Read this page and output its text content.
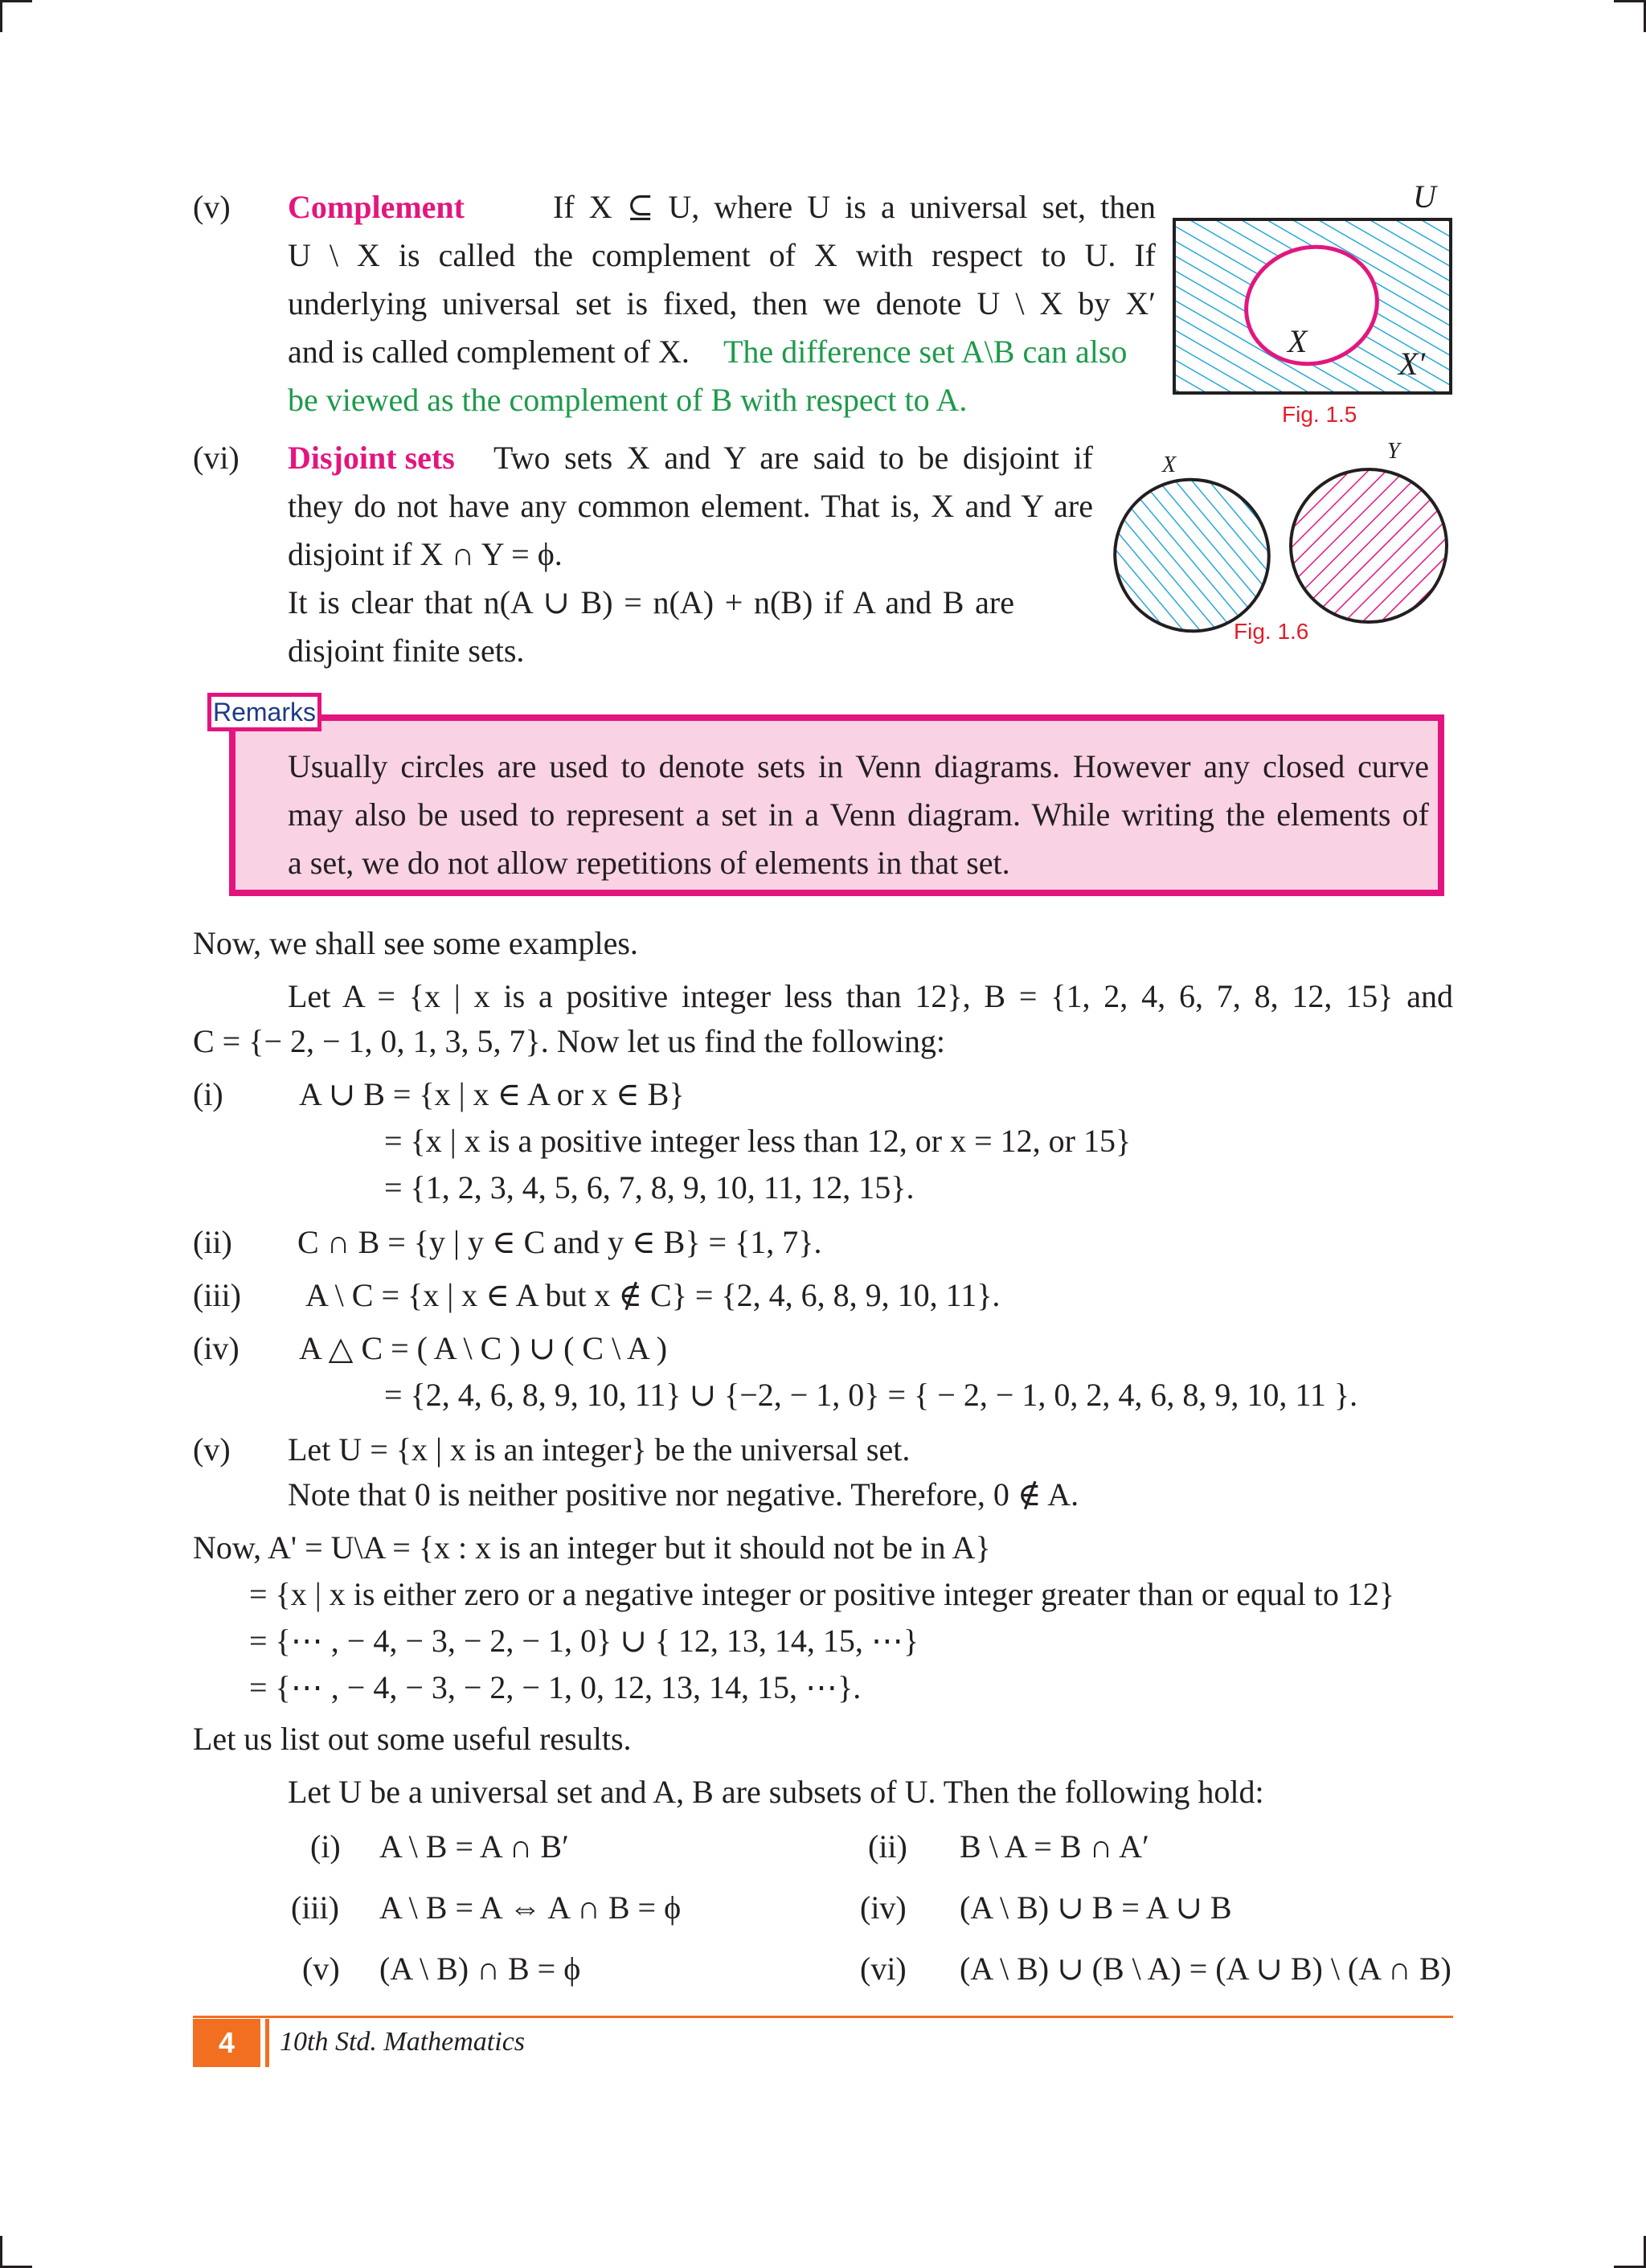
(v) Complement	If X ⊆ U, where U is a universal set, then
U \ X is called the complement of X with respect to U. If
underlying universal set is fixed, then we denote U \ X by X′
and is called complement of X. The difference set A\B can also
be viewed as the complement of B with respect to A.
U
X
X′
Fig. 1.5
(vi) Disjoint sets Two sets X and Y are said to be disjoint if
they do not have any common element. That is, X and Y are
disjoint if X ∩ Y = ϕ.
It is clear that n(A ∪ B) = n(A) + n(B) if A and B are
disjoint finite sets.
X
Y
Fig. 1.6
Remarks
Usually circles are used to denote sets in Venn diagrams. However any closed curve
may also be used to represent a set in a Venn diagram. While writing the elements of
a set, we do not allow repetitions of elements in that set.
Now, we shall see some examples.
Let A = {x | x is a positive integer less than 12}, B = {1, 2, 4, 6, 7, 8, 12, 15} and
C = {− 2, − 1, 0, 1, 3, 5, 7}. Now let us find the following:
(i) A ∪ B = {x | x ∈ A or x ∈ B}
= {x | x is a positive integer less than 12, or x = 12, or 15}
= {1, 2, 3, 4, 5, 6, 7, 8, 9, 10, 11, 12, 15}.
(ii) C ∩ B = {y | y ∈ C and y ∈ B} = {1, 7}.
(iii) A \ C = {x | x ∈ A but x ∉ C} = {2, 4, 6, 8, 9, 10, 11}.
(iv) A △ C = ( A \ C ) ∪ ( C \ A )
= {2, 4, 6, 8, 9, 10, 11} ∪ {−2, − 1, 0} = { − 2, − 1, 0, 2, 4, 6, 8, 9, 10, 11 }.
(v) Let U = {x | x is an integer} be the universal set.
Note that 0 is neither positive nor negative. Therefore, 0 ∉ A.
Now, A' = U\A = {x : x is an integer but it should not be in A}
= {x | x is either zero or a negative integer or positive integer greater than or equal to 12}
= {⋯ , − 4, − 3, − 2, − 1, 0} ∪ { 12, 13, 14, 15, ⋯}
= {⋯ , − 4, − 3, − 2, − 1, 0, 12, 13, 14, 15, ⋯}.
Let us list out some useful results.
Let U be a universal set and A, B are subsets of U. Then the following hold:
(i) A \ B = A ∩ B′	(ii) B \ A = B ∩ A′
(iii) A \ B = A ⇔ A ∩ B = ϕ	(iv) (A \ B) ∪ B = A ∪ B
(v) (A \ B) ∩ B = ϕ	(vi) (A \ B) ∪ (B \ A) = (A ∪ B) \ (A ∩ B)
4	10th Std. Mathematics
